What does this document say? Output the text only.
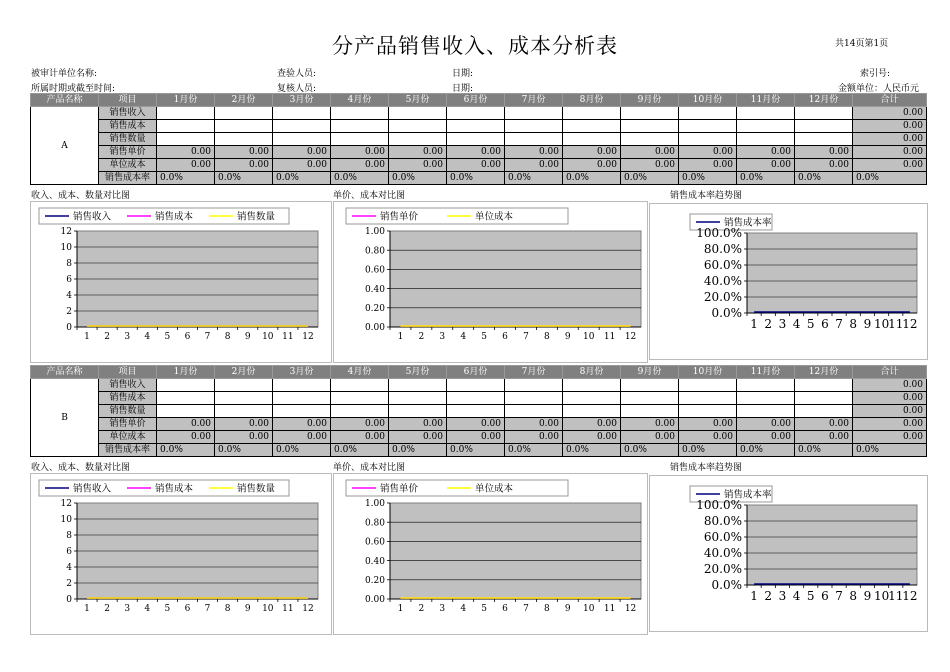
分产品销售收入、成本分析表	共14页第1页
被审计单位名称:
所属时期或截至时间:
查验人员:
复核人员:
日期:
日期:
索引号:
金额单位：人民币元
产品名称	项目	1月份	2月份	3月份	4月份	5月份	6月份	7月份	8月份	9月份	10月份	11月份	12月份	合计
A	销售收入													0.00
	销售成本													0.00
	销售数量													0.00
	销售单价	0.00	0.00	0.00	0.00	0.00	0.00	0.00	0.00	0.00	0.00	0.00	0.00	0.00
	单位成本	0.00	0.00	0.00	0.00	0.00	0.00	0.00	0.00	0.00	0.00	0.00	0.00	0.00
	销售成本率	0.0%	0.0%	0.0%	0.0%	0.0%	0.0%	0.0%	0.0%	0.0%	0.0%	0.0%	0.0%	0.0%
收入、成本、数量对比图	单价、成本对比图	销售成本率趋势图
销售收入	销售成本	销售数量
0
2
4
6
8
10
12
1 2 3 4 5 6 7 8 9 10 11 12
销售单价	单位成本
0.00
0.20
0.40
0.60
0.80
1.00
1 2 3 4 5 6 7 8 9 10 11 12
销售成本率
0.0%
20.0%
40.0%
60.0%
80.0%
100.0%
1 2 3 4 5 6 7 8 9 10
11
12
产品名称	项目	1月份	2月份	3月份	4月份	5月份	6月份	7月份	8月份	9月份	10月份	11月份	12月份	合计
B	销售收入													0.00
	销售成本													0.00
	销售数量													0.00
	销售单价	0.00	0.00	0.00	0.00	0.00	0.00	0.00	0.00	0.00	0.00	0.00	0.00	0.00
	单位成本	0.00	0.00	0.00	0.00	0.00	0.00	0.00	0.00	0.00	0.00	0.00	0.00	0.00
	销售成本率	0.0%	0.0%	0.0%	0.0%	0.0%	0.0%	0.0%	0.0%	0.0%	0.0%	0.0%	0.0%	0.0%
收入、成本、数量对比图	单价、成本对比图	销售成本率趋势图
销售收入	销售成本	销售数量
0
2
4
6
8
10
12
1 2 3 4 5 6 7 8 9 10 11 12
销售单价	单位成本
0.00
0.20
0.40
0.60
0.80
1.00
1 2 3 4 5 6 7 8 9 10 11 12
销售成本率
0.0%
20.0%
40.0%
60.0%
80.0%
100.0%
1 2 3 4 5 6 7 8 9 10
11
12
